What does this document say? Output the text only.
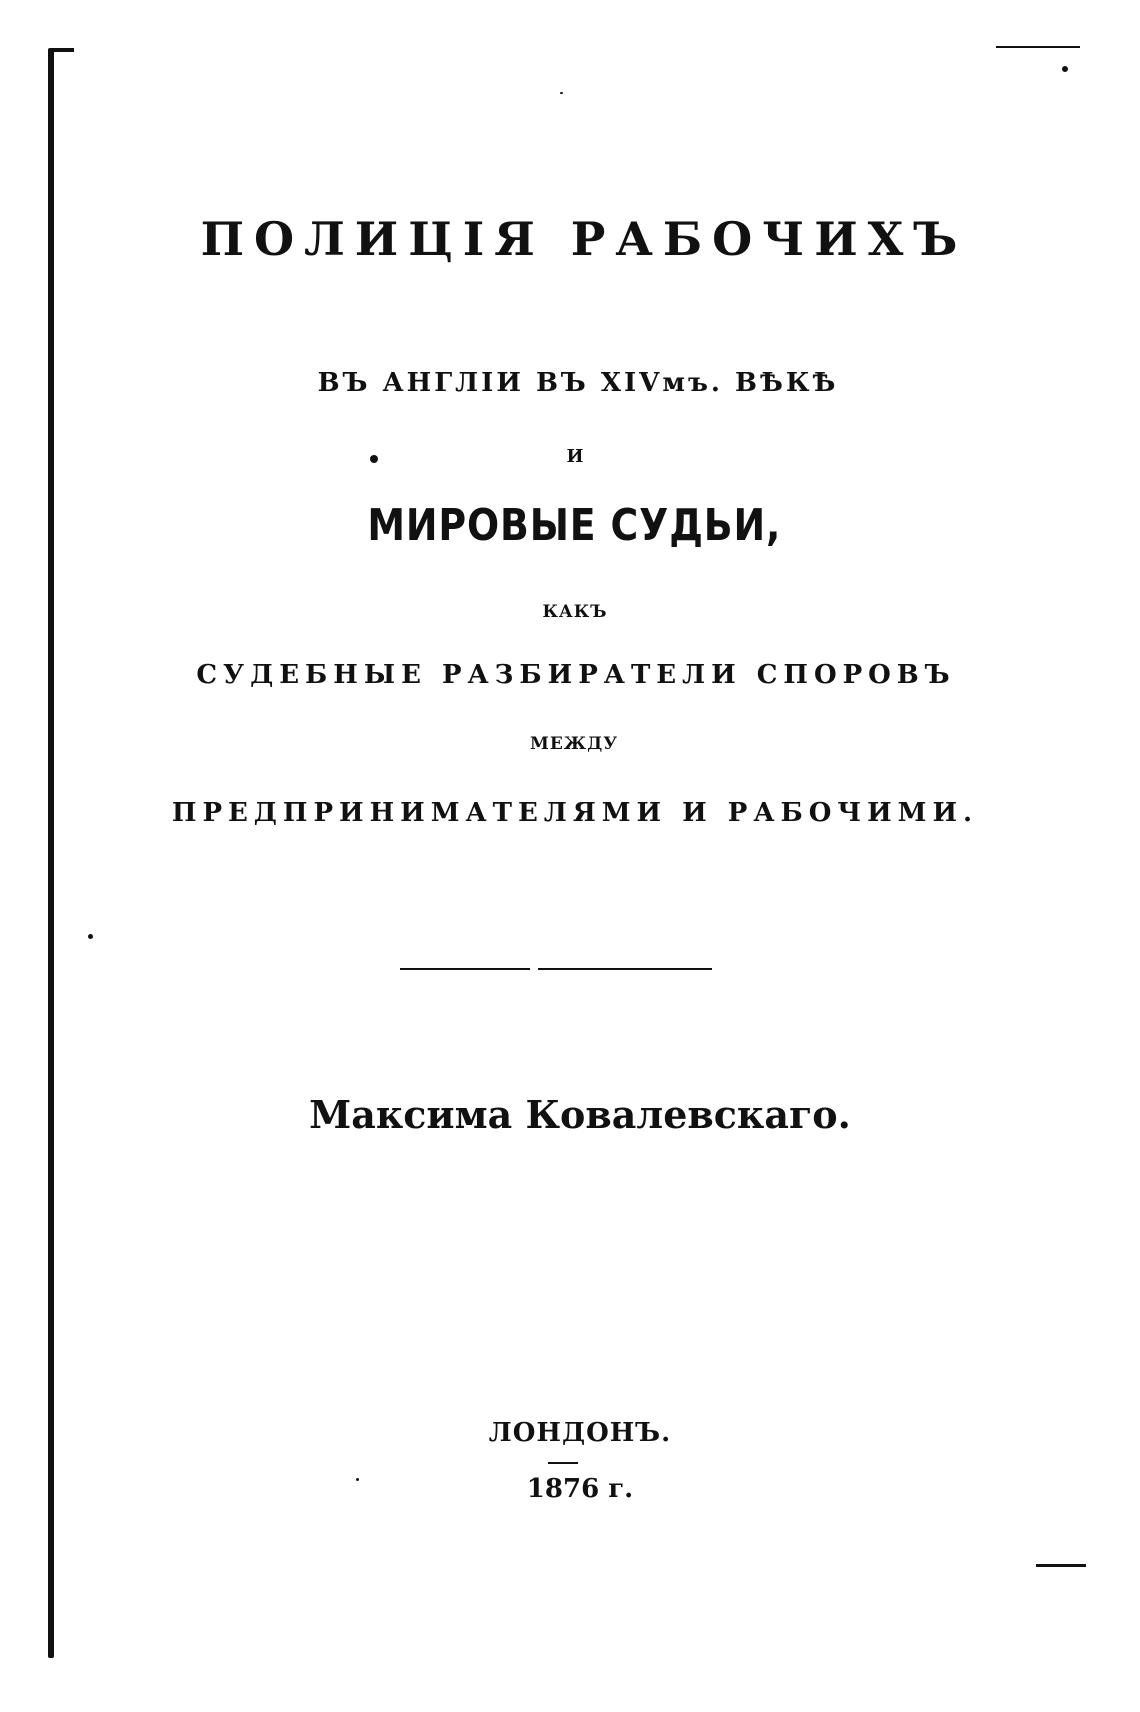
ПОЛИЦІЯ РАБОЧИХЪ
ВЪ АНГЛІИ ВЪ XIVмъ. ВѢКѢ
И
МИРОВЫЕ СУДЬИ,
КАКЪ
СУДЕБНЫЕ РАЗБИРАТЕЛИ СПОРОВЪ
МЕЖДУ
ПРЕДПРИНИМАТЕЛЯМИ И РАБОЧИМИ.
Максима Ковалевскаго.
ЛОНДОНЪ.
1876 г.
